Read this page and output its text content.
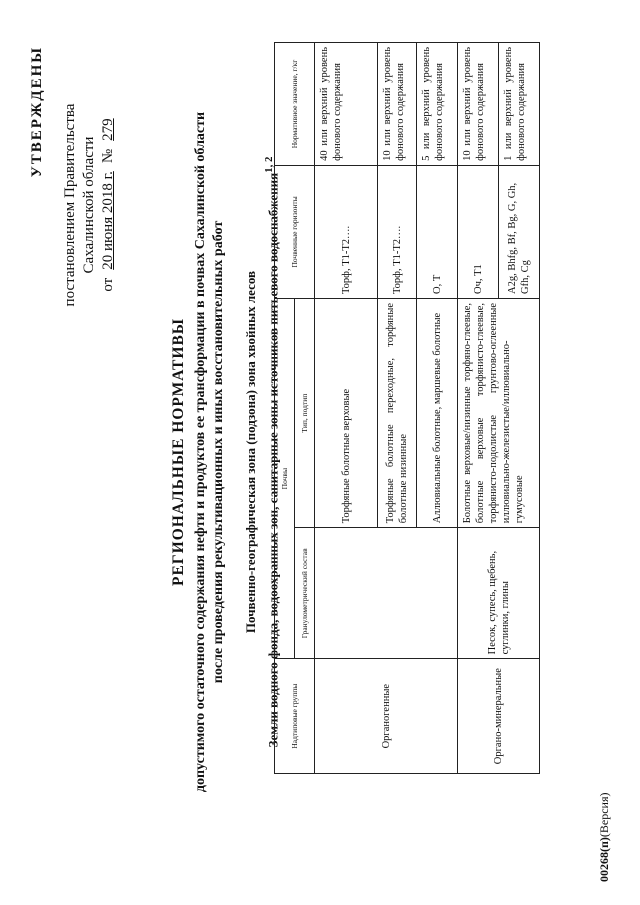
УТВЕРЖДЕНЫ постановлением Правительства Сахалинской области
от
20 июня 2018 г.
№
279
РЕГИОНАЛЬНЫЕ НОРМАТИВЫ допустимого остаточного содержания нефти и продуктов ее трансформации в почвах Сахалинской области после проведения рекультивационных и иных восстановительных работ Почвенно-географическая зона (подзона) зона хвойных лесов Земли водного фонда, водоохранных зон, санитарные зоны источников питьевого водоснабжения$^{1, 2}$
Надтиповые группы	Почвы		Почвенные горизонты	Нормативное значение, г/кг
	Гранулометрический состав	Тип, подтип		
Органогенные		Торфяные болотные верховые	Торф, Т1-Т2….	40 или верхний уровень фонового содержания
		Торфяные болотные переходные, торфяные болотные низинные	Торф, Т1-Т2….	10 или верхний уровень фонового содержания
		Аллювиальные болотные, маршевые болотные	О, Т	5 или верхний уровень фонового содержания
Органо-минеральные	Песок, супесь, щебень, суглинки, глины	Болотные верховые/низинные торфяно-глеевые, болотные верховые торфянисто-глеевые, торфянисто-подолистые грунтово-оглеенные иллювиально-железистые/иллювиально-гумусовые	Оч, Т1	10 или верхний уровень фонового содержания
			A2g, Bhfg, Bf, Bg, G, Gh, Gfh, Cg	1 или верхний уровень фонового содержания
00268(п)(Версия)
